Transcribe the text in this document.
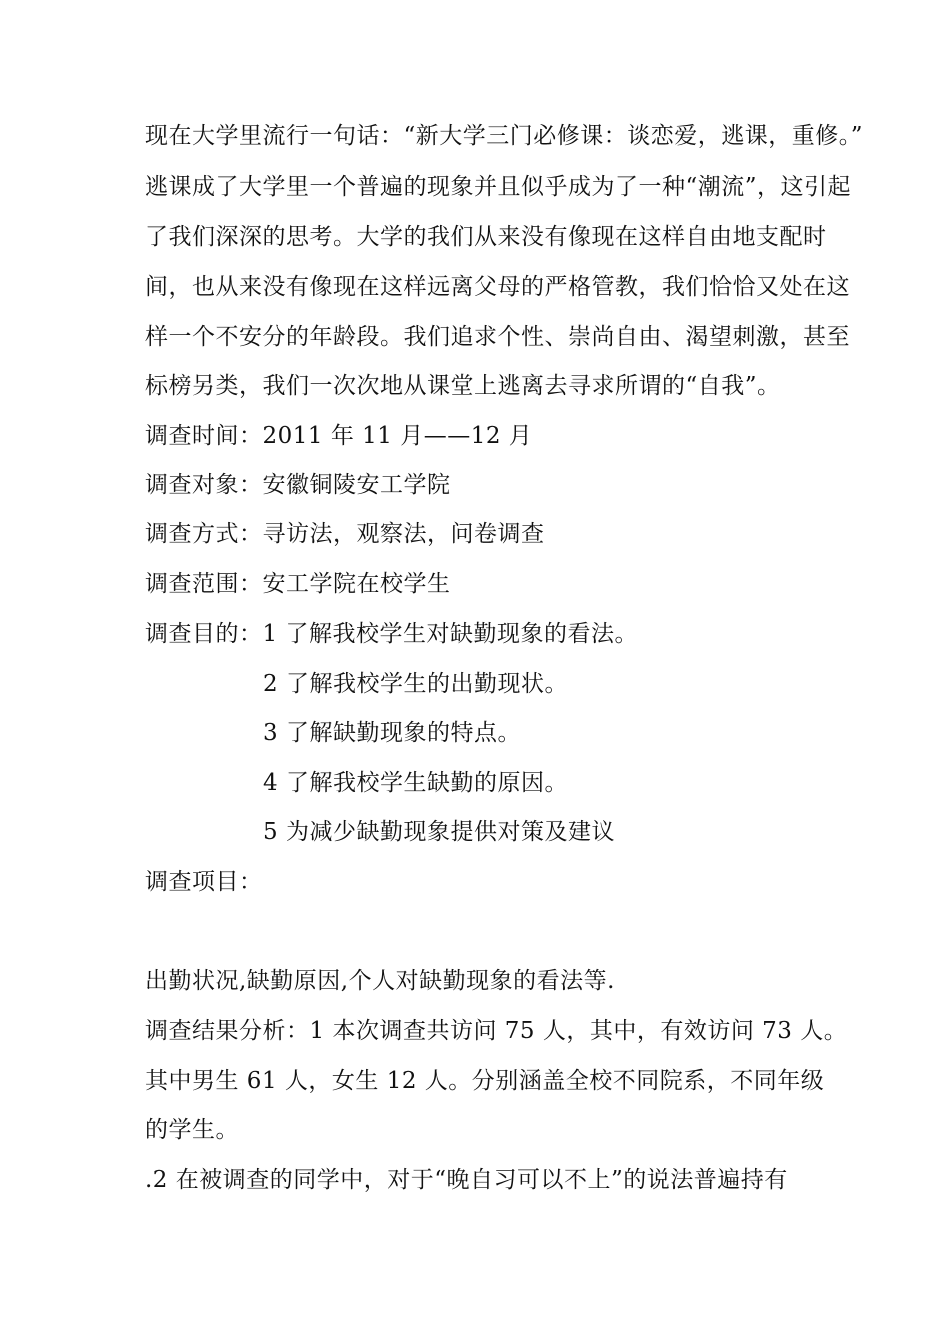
现在大学里流行一句话：“新大学三门必修课：谈恋爱，逃课，重修。”
逃课成了大学里一个普遍的现象并且似乎成为了一种“潮流”，这引起
了我们深深的思考。大学的我们从来没有像现在这样自由地支配时
间，也从来没有像现在这样远离父母的严格管教，我们恰恰又处在这
样一个不安分的年龄段。我们追求个性、崇尚自由、渴望刺激，甚至
标榜另类，我们一次次地从课堂上逃离去寻求所谓的“自我”。
调查时间：2011 年 11 月——12 月
调查对象：安徽铜陵安工学院
调查方式：寻访法，观察法，问卷调查
调查范围：安工学院在校学生
调查目的：1 了解我校学生对缺勤现象的看法。
2 了解我校学生的出勤现状。
3 了解缺勤现象的特点。
4 了解我校学生缺勤的原因。
5 为减少缺勤现象提供对策及建议
调查项目：
出勤状况,缺勤原因,个人对缺勤现象的看法等.
调查结果分析：1 本次调查共访问 75 人，其中，有效访问 73 人。
其中男生 61 人，女生 12 人。分别涵盖全校不同院系，不同年级
的学生。
.2 在被调查的同学中，对于“晚自习可以不上”的说法普遍持有
